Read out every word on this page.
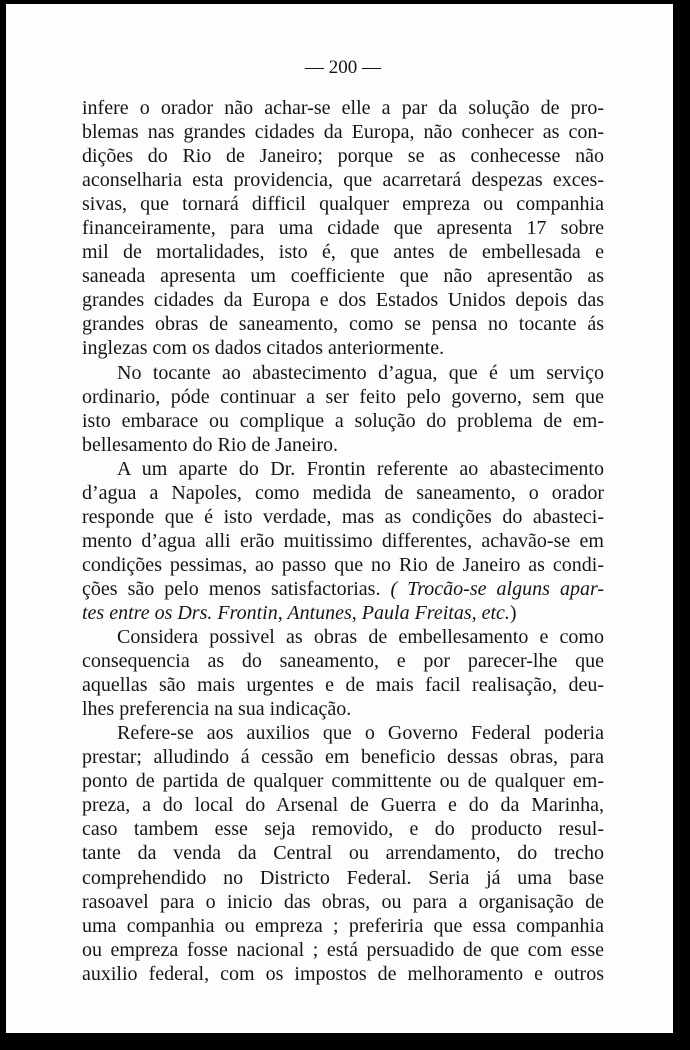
— 200 —
infere o orador não achar-se elle a par da solução de pro-
blemas nas grandes cidades da Europa, não conhecer as con-
dições do Rio de Janeiro; porque se as conhecesse não
aconselharia esta providencia, que acarretará despezas exces-
sivas, que tornará difficil qualquer empreza ou companhia
financeiramente, para uma cidade que apresenta 17 sobre
mil de mortalidades, isto é, que antes de embellesada e
saneada apresenta um coefficiente que não apresentão as
grandes cidades da Europa e dos Estados Unidos depois das
grandes obras de saneamento, como se pensa no tocante ás
inglezas com os dados citados anteriormente.
No tocante ao abastecimento d’agua, que é um serviço
ordinario, póde continuar a ser feito pelo governo, sem que
isto embarace ou complique a solução do problema de em-
bellesamento do Rio de Janeiro.
A um aparte do Dr. Frontin referente ao abastecimento
d’agua a Napoles, como medida de saneamento, o orador
responde que é isto verdade, mas as condições do abasteci-
mento d’agua alli erão muitissimo differentes, achavão-se em
condições pessimas, ao passo que no Rio de Janeiro as condi-
ções são pelo menos satisfactorias. ( Trocão-se alguns apar-
tes entre os Drs. Frontin, Antunes, Paula Freitas, etc.)
Considera possivel as obras de embellesamento e como
consequencia as do saneamento, e por parecer-lhe que
aquellas são mais urgentes e de mais facil realisação, deu-
lhes preferencia na sua indicação.
Refere-se aos auxilios que o Governo Federal poderia
prestar; alludindo á cessão em beneficio dessas obras, para
ponto de partida de qualquer committente ou de qualquer em-
preza, a do local do Arsenal de Guerra e do da Marinha,
caso tambem esse seja removido, e do producto resul-
tante da venda da Central ou arrendamento, do trecho
comprehendido no Districto Federal. Seria já uma base
rasoavel para o inicio das obras, ou para a organisação de
uma companhia ou empreza ; preferiria que essa companhia
ou empreza fosse nacional ; está persuadido de que com esse
auxilio federal, com os impostos de melhoramento e outros
